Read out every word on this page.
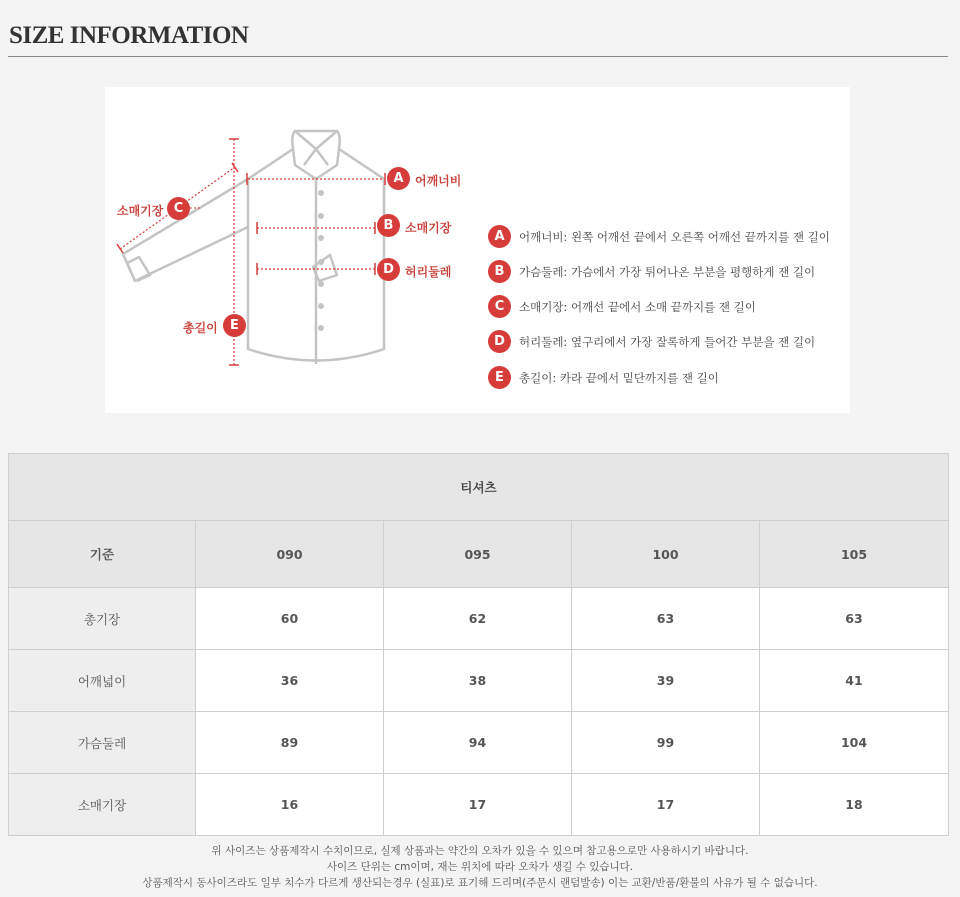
SIZE INFORMATION
A 어깨너비
B 소매기장
C
소매기장
D 허리둘레
E
총길이
A	어깨너비: 왼쪽 어깨선 끝에서 오른쪽 어깨선 끝까지를 잰 길이
B	가슴둘레: 가슴에서 가장 튀어나온 부분을 평행하게 잰 길이
C	소매기장: 어깨선 끝에서 소매 끝까지를 잰 길이
D	허리둘레: 옆구리에서 가장 잘록하게 들어간 부분을 잰 길이
E	총길이: 카라 끝에서 밑단까지를 잰 길이
티셔츠				
기준	090	095	100	105
총기장	60	62	63	63
어깨넓이	36	38	39	41
가슴둘레	89	94	99	104
소매기장	16	17	17	18
위 사이즈는 상품제작시 수치이므로, 실제 상품과는 약간의 오차가 있을 수 있으며 참고용으로만 사용하시기 바랍니다.
사이즈 단위는 cm이며, 재는 위치에 따라 오차가 생길 수 있습니다.
상품제작시 동사이즈라도 일부 치수가 다르게 생산되는경우 (실표)로 표기해 드리며(주문시 랜덤발송) 이는 교환/반품/환불의 사유가 될 수 없습니다.
